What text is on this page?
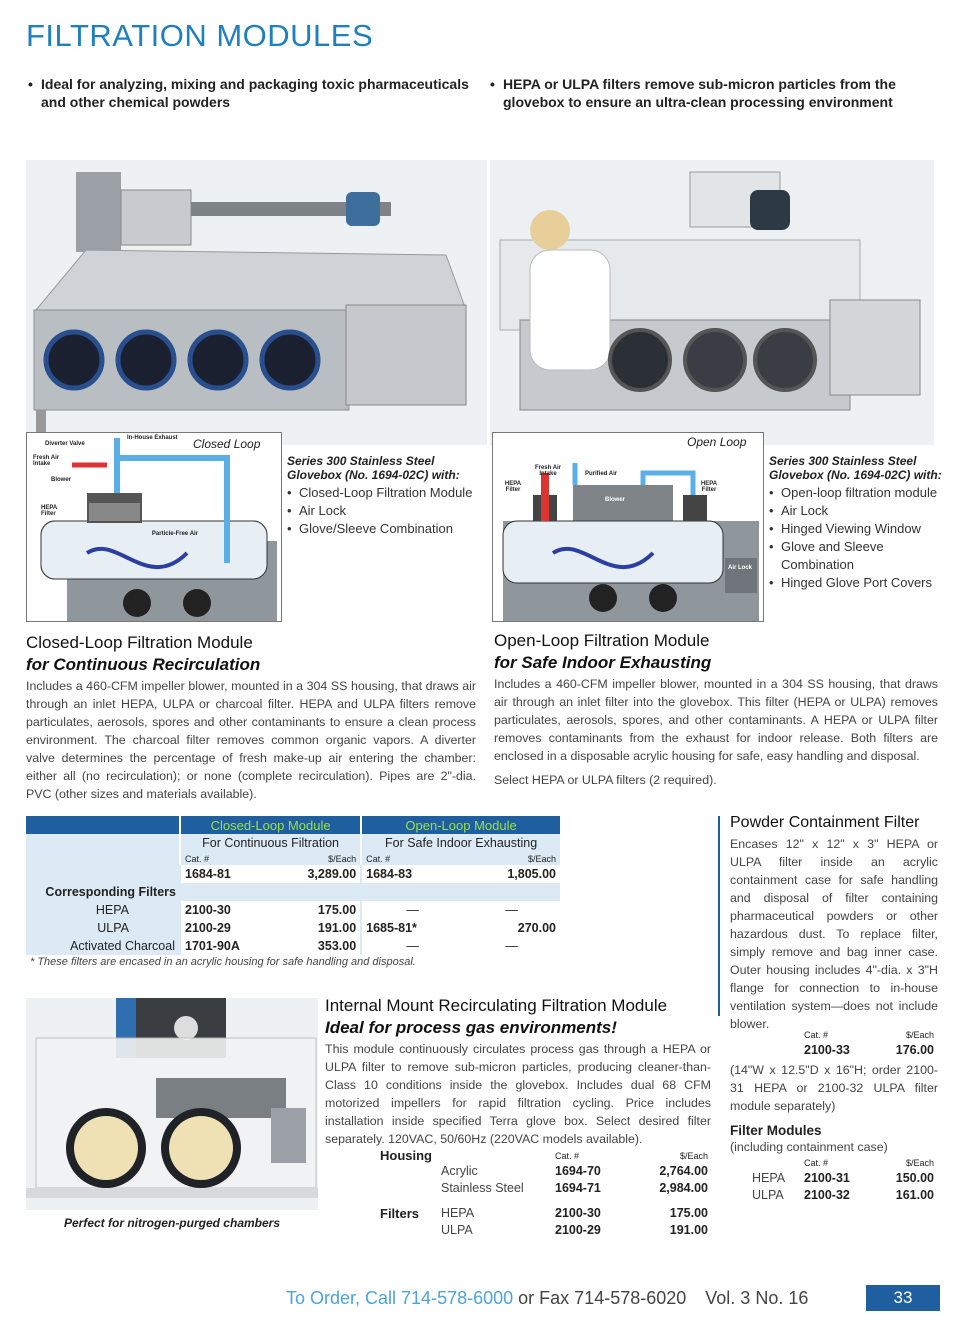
FILTRATION MODULES
• Ideal for analyzing, mixing and packaging toxic pharmaceuticals and other chemical powders
• HEPA or ULPA filters remove sub-micron particles from the glovebox to ensure an ultra-clean processing environment
Closed Loop
Diverter Valve
In-House Exhaust
Fresh Air Intake
Blower
HEPA Filter
Particle-Free Air
Series 300 Stainless Steel Glovebox (No. 1694-02C) with:
• Closed-Loop Filtration Module
• Air Lock
• Glove/Sleeve Combination
Open Loop
Fresh Air Intake	Purified Air
HEPA Filter
HEPA Filter
Blower
Air Lock
Series 300 Stainless Steel Glovebox (No. 1694-02C) with:
• Open-loop filtration module
• Air Lock
• Hinged Viewing Window
• Glove and Sleeve Combination
• Hinged Glove Port Covers
Closed-Loop Filtration Module
for Continuous Recirculation
Includes a 460-CFM impeller blower, mounted in a 304 SS housing, that draws air through an inlet HEPA, ULPA or charcoal filter. HEPA and ULPA filters remove particulates, aerosols, spores and other contaminants to ensure a clean process environment. The charcoal filter removes common organic vapors. A diverter valve determines the percentage of fresh make-up air entering the chamber: either all (no recirculation); or none (complete recirculation). Pipes are 2"-dia. PVC (other sizes and materials available).
Open-Loop Filtration Module
for Safe Indoor Exhausting
Includes a 460-CFM impeller blower, mounted in a 304 SS housing, that draws air through an inlet filter into the glovebox. This filter (HEPA or ULPA) removes particulates, aerosols, spores, and other contaminants. A HEPA or ULPA filter removes contaminants from the exhaust for indoor release. Both filters are enclosed in a disposable acrylic housing for safe, easy handling and disposal.
Select HEPA or ULPA filters (2 required).
	Closed-Loop Module		Open-Loop Module	
	For Continuous Filtration		For Safe Indoor Exhausting	
	Cat. #	$/Each	Cat. #	$/Each
	1684-81	3,289.00	1684-83	1,805.00
Corresponding Filters				
HEPA	2100-30	175.00	—	—
ULPA	2100-29	191.00	1685-81*	270.00
Activated Charcoal	1701-90A	353.00	—	—
* These filters are encased in an acrylic housing for safe handling and disposal.
Powder Containment Filter
Encases 12" x 12" x 3" HEPA or ULPA filter inside an acrylic containment case for safe handling and disposal of filter containing pharmaceutical powders or other hazardous dust. To replace filter, simply remove and bag inner case. Outer housing includes 4"-dia. x 3"H flange for connection to in-house ventilation system—does not include blower.
Cat. #	$/Each
2100-33	176.00
(14"W x 12.5"D x 16"H; order 2100-31 HEPA or 2100-32 ULPA filter module separately)
Filter Modules
(including containment case)
Cat. #	$/Each
HEPA 2100-31	150.00
ULPA 2100-32	161.00
Perfect for nitrogen-purged chambers
Internal Mount Recirculating Filtration Module
Ideal for process gas environments!
This module continuously circulates process gas through a HEPA or ULPA filter to remove sub-micron particles, producing cleaner-than-Class 10 conditions inside the glovebox. Includes dual 68 CFM motorized impellers for rapid filtration cycling. Price includes installation inside specified Terra glove box. Select desired filter separately. 120VAC, 50/60Hz (220VAC models available).
Housing	Cat. #	$/Each
Acrylic	1694-70	2,764.00
Stainless Steel	1694-71	2,984.00
Filters HEPA	2100-30	175.00
ULPA	2100-29	191.00
To Order, Call 714-578-6000 or Fax 714-578-6020 Vol. 3 No. 16	33
